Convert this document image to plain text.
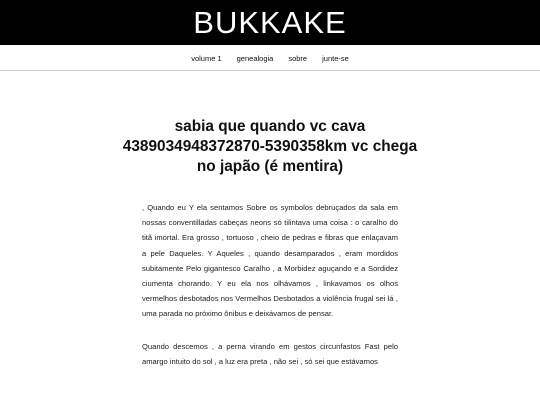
BUKKAKE
volume 1 genealogia sobre junte-se
sabia que quando vc cava 4389034948372870-5390358km vc chega no japão (é mentira)

, Quando eu Y ela sentamos Sobre os symbolos debruçados da sala em nossas conventilladas cabeças neons só tilintava uma coisa : o caralho do titã imortal. Era grosso , tortuoso , cheio de pedras e fibras que enlaçavam a pele Daqueles. Y Aqueles , quando desamparados , eram mordidos subitamente Pelo gigantesco Caralho , a Morbidez aguçando e a Sordidez ciumenta chorando. Y eu ela nos olhávamos , linkavamos os olhos vermelhos desbotados nos Vermelhos Desbotados a violência frugal sei lá , uma parada no próximo ônibus e deixávamos de pensar.

Quando descemos , a perna virando em gestos circunfastos Fast pelo amargo intuito do sol , a luz era preta , não sei , só sei que estávamos
